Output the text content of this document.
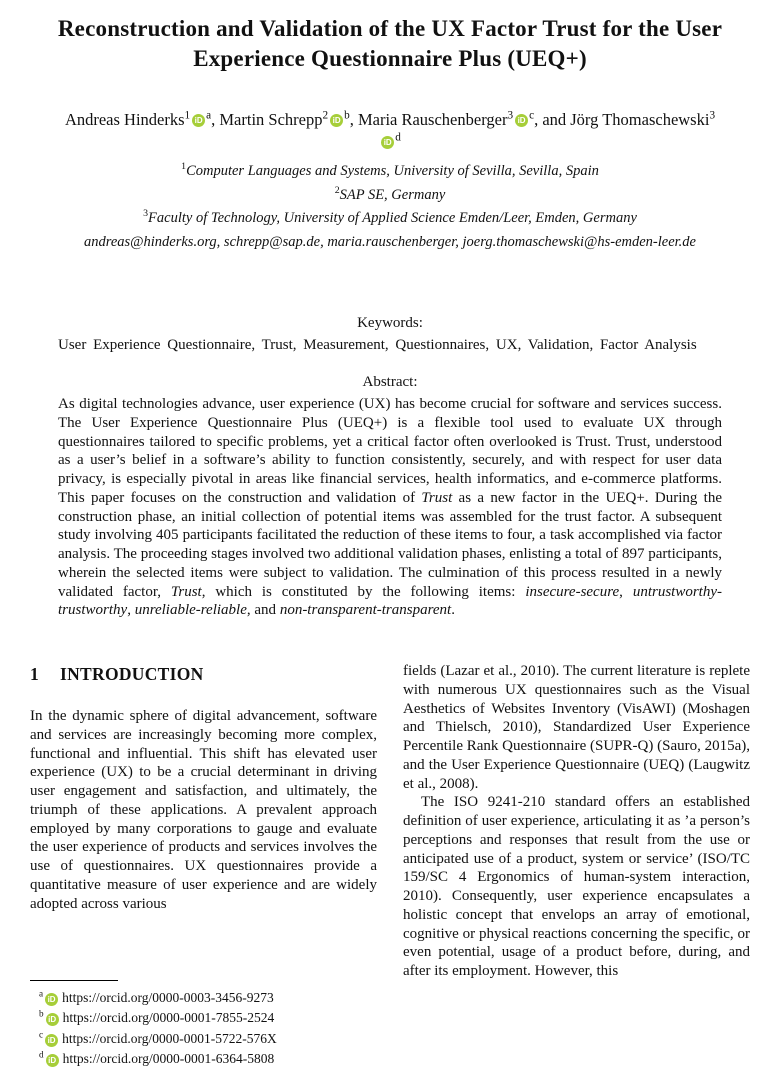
Reconstruction and Validation of the UX Factor Trust for the User Experience Questionnaire Plus (UEQ+)
Andreas Hinderks$^1$ iD $^a$, Martin Schrepp$^2$ iD $^b$, Maria Rauschenberger$^3$ iD $^c$, and Jörg Thomaschewski$^3$iD $^d$
$^1$Computer Languages and Systems, University of Sevilla, Sevilla, Spain
$^2$SAP SE, Germany
$^3$Faculty of Technology, University of Applied Science Emden/Leer, Emden, Germany
andreas@hinderks.org, schrepp@sap.de, maria.rauschenberger, joerg.thomaschewski@hs-emden-leer.de
Keywords:
User Experience Questionnaire, Trust, Measurement, Questionnaires, UX, Validation, Factor Analysis
Abstract:
As digital technologies advance, user experience (UX) has become crucial for software and services success. The User Experience Questionnaire Plus (UEQ+) is a flexible tool used to evaluate UX through questionnaires tailored to specific problems, yet a critical factor often overlooked is Trust. Trust, understood as a user’s belief in a software’s ability to function consistently, securely, and with respect for user data privacy, is especially pivotal in areas like financial services, health informatics, and e-commerce platforms. This paper focuses on the construction and validation of Trust as a new factor in the UEQ+. During the construction phase, an initial collection of potential items was assembled for the trust factor. A subsequent study involving 405 participants facilitated the reduction of these items to four, a task accomplished via factor analysis. The proceeding stages involved two additional validation phases, enlisting a total of 897 participants, wherein the selected items were subject to validation. The culmination of this process resulted in a newly validated factor, Trust, which is constituted by the following items: insecure-secure, untrustworthy-trustworthy, unreliable-reliable, and non-transparent-transparent.
1 INTRODUCTION

In the dynamic sphere of digital advancement, software and services are increasingly becoming more complex, functional and influential. This shift has elevated user experience (UX) to be a crucial determinant in driving user engagement and satisfaction, and ultimately, the triumph of these applications. A prevalent approach employed by many corporations to gauge and evaluate the user experience of products and services involves the use of questionnaires. UX questionnaires provide a quantitative measure of user experience and are widely adopted across various

$^a$iD https://orcid.org/0000-0003-3456-9273
$^b$iD https://orcid.org/0000-0001-7855-2524
$^c$iD https://orcid.org/0000-0001-5722-576X
$^d$iD https://orcid.org/0000-0001-6364-5808

fields (Lazar et al., 2010). The current literature is replete with numerous UX questionnaires such as the Visual Aesthetics of Websites Inventory (VisAWI) (Moshagen and Thielsch, 2010), Standardized User Experience Percentile Rank Questionnaire (SUPR-Q) (Sauro, 2015a), and the User Experience Questionnaire (UEQ) (Laugwitz et al., 2008).

The ISO 9241-210 standard offers an established definition of user experience, articulating it as ’a person’s perceptions and responses that result from the use or anticipated use of a product, system or service’ (ISO/TC 159/SC 4 Ergonomics of human-system interaction, 2010). Consequently, user experience encapsulates a holistic concept that envelops an array of emotional, cognitive or physical reactions concerning the specific, or even potential, usage of a product before, during, and after its employment. However, this
